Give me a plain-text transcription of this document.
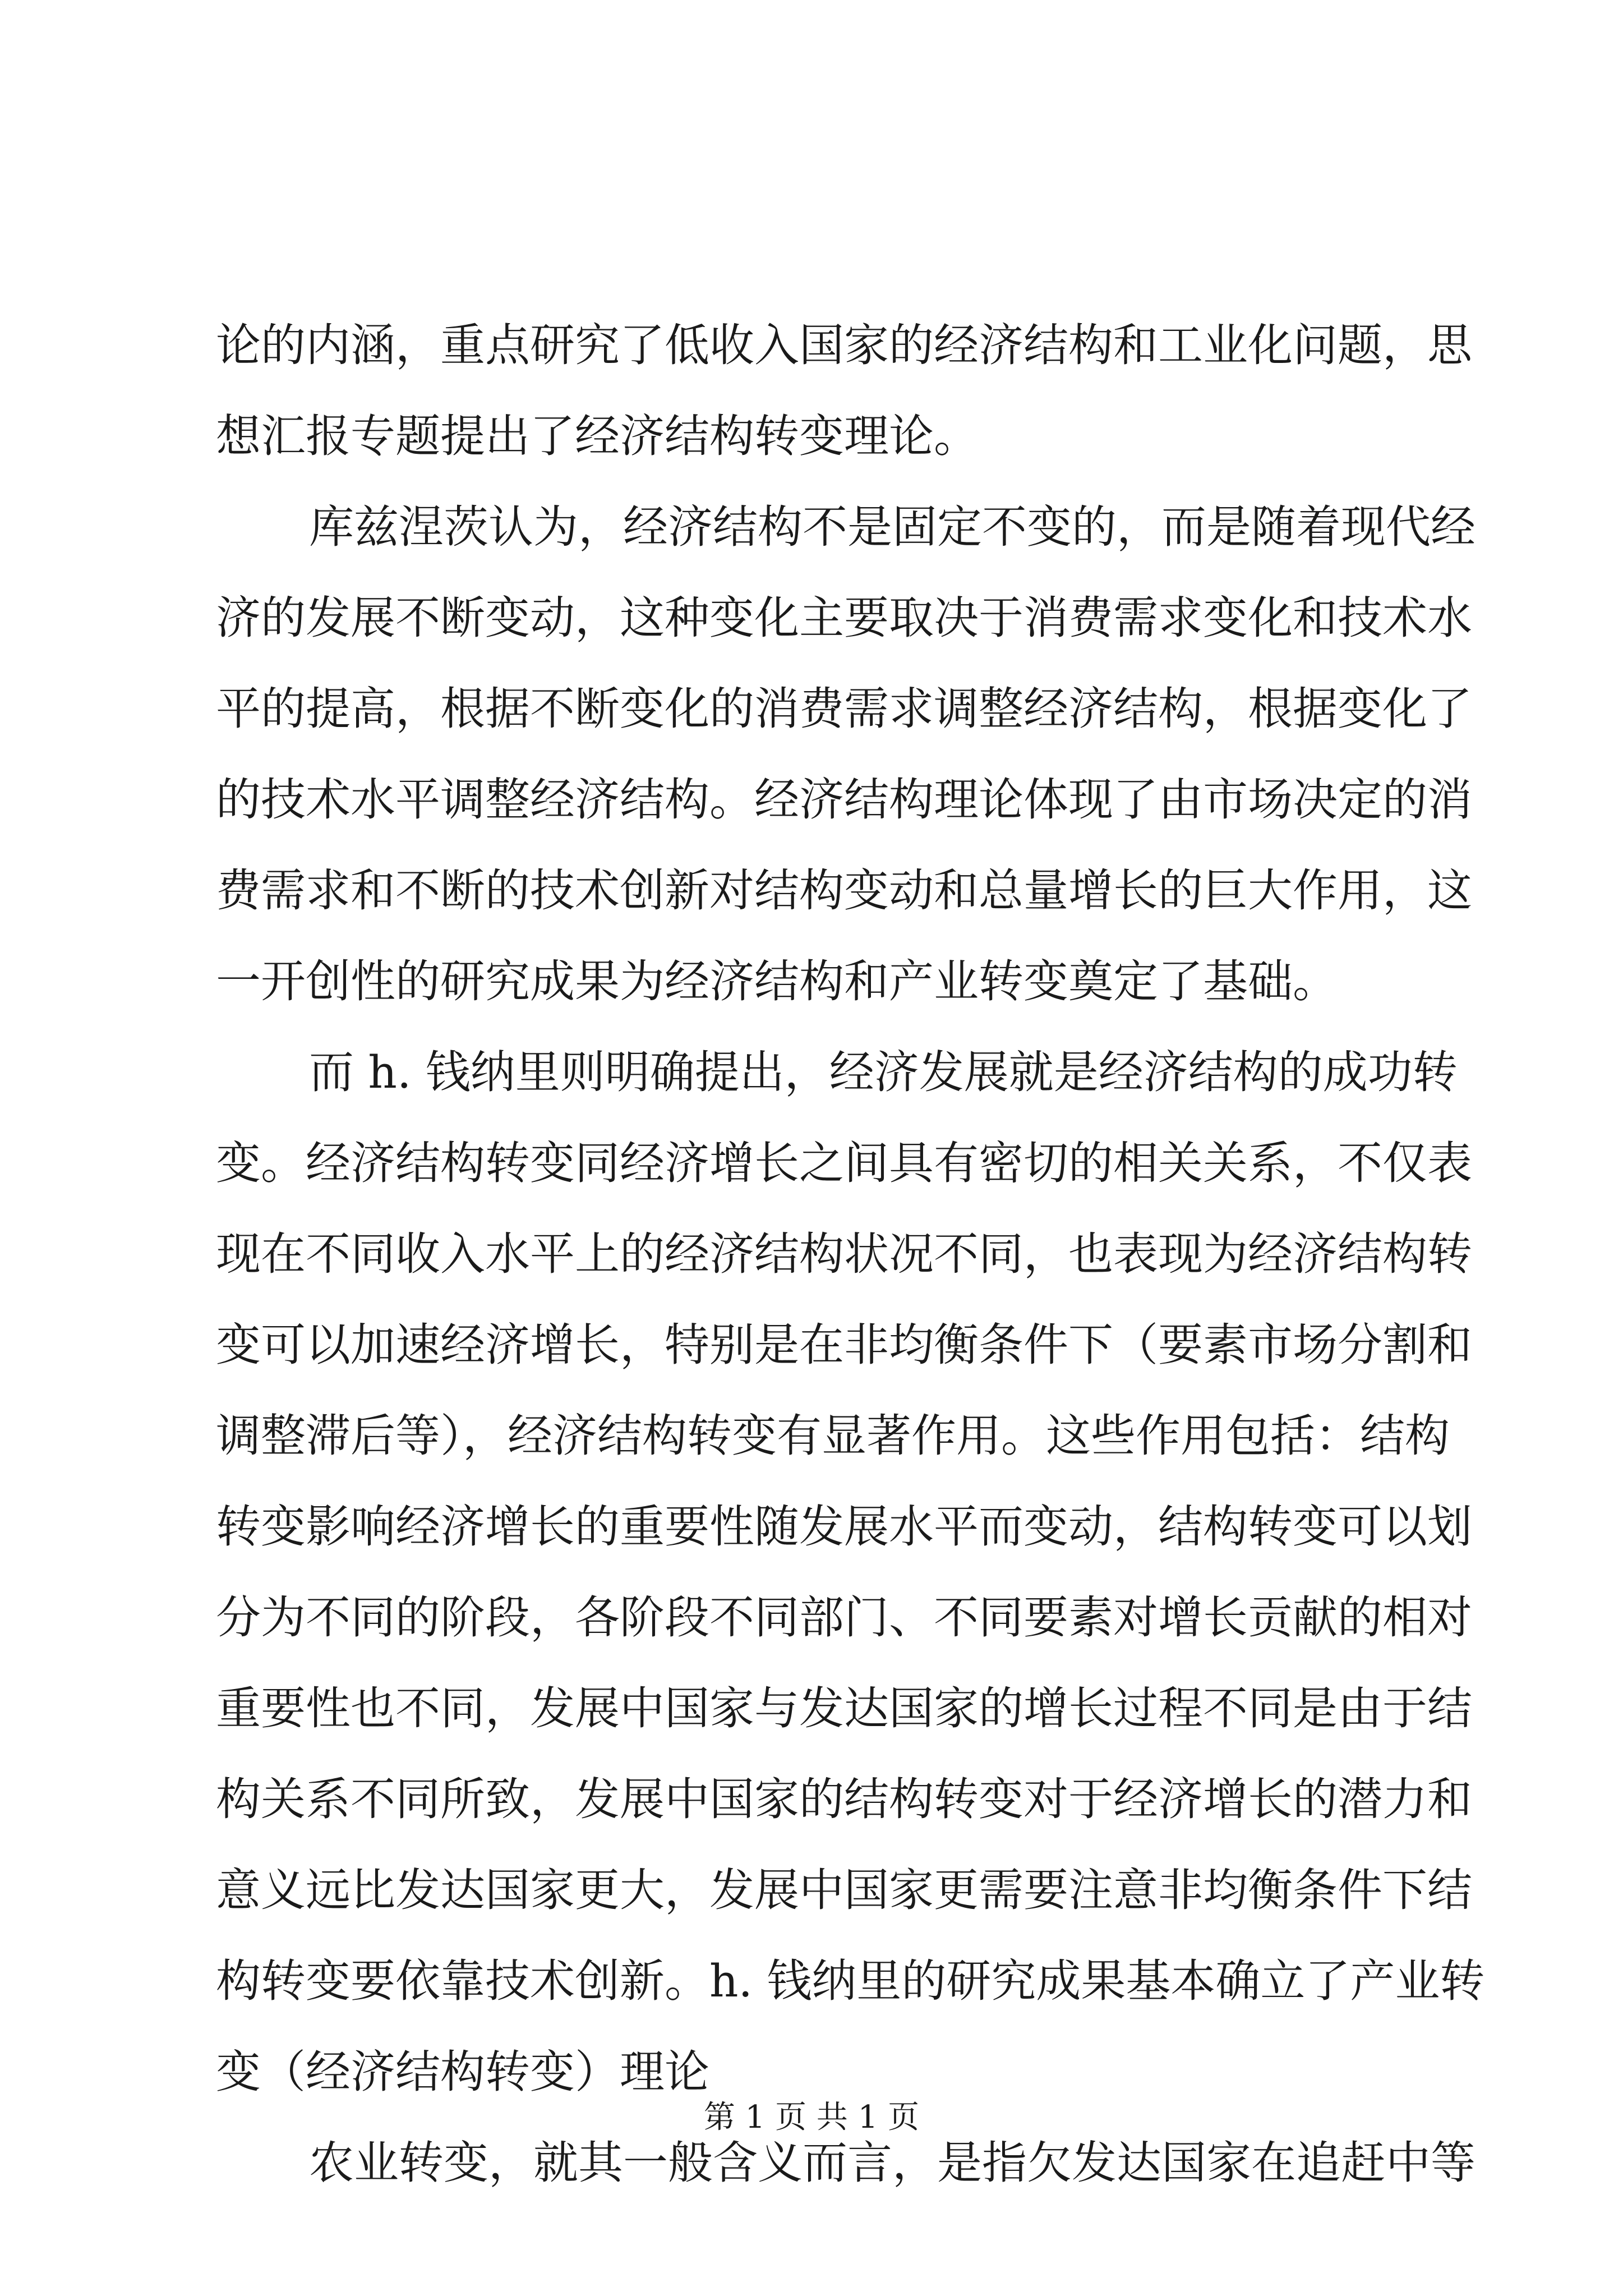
论的内涵，重点研究了低收入国家的经济结构和工业化问题，思
想汇报专题提出了经济结构转变理论。
库兹涅茨认为，经济结构不是固定不变的，而是随着现代经
济的发展不断变动，这种变化主要取决于消费需求变化和技术水
平的提高，根据不断变化的消费需求调整经济结构，根据变化了
的技术水平调整经济结构。经济结构理论体现了由市场决定的消
费需求和不断的技术创新对结构变动和总量增长的巨大作用，这
一开创性的研究成果为经济结构和产业转变奠定了基础。
而 h. 钱纳里则明确提出，经济发展就是经济结构的成功转
变。经济结构转变同经济增长之间具有密切的相关关系，不仅表
现在不同收入水平上的经济结构状况不同，也表现为经济结构转
变可以加速经济增长，特别是在非均衡条件下（要素市场分割和
调整滞后等），经济结构转变有显著作用。这些作用包括：结构
转变影响经济增长的重要性随发展水平而变动，结构转变可以划
分为不同的阶段，各阶段不同部门、不同要素对增长贡献的相对
重要性也不同，发展中国家与发达国家的增长过程不同是由于结
构关系不同所致，发展中国家的结构转变对于经济增长的潜力和
意义远比发达国家更大，发展中国家更需要注意非均衡条件下结
构转变要依靠技术创新。h. 钱纳里的研究成果基本确立了产业转
变（经济结构转变）理论
农业转变，就其一般含义而言，是指欠发达国家在追赶中等
第 1 页 共 1 页
